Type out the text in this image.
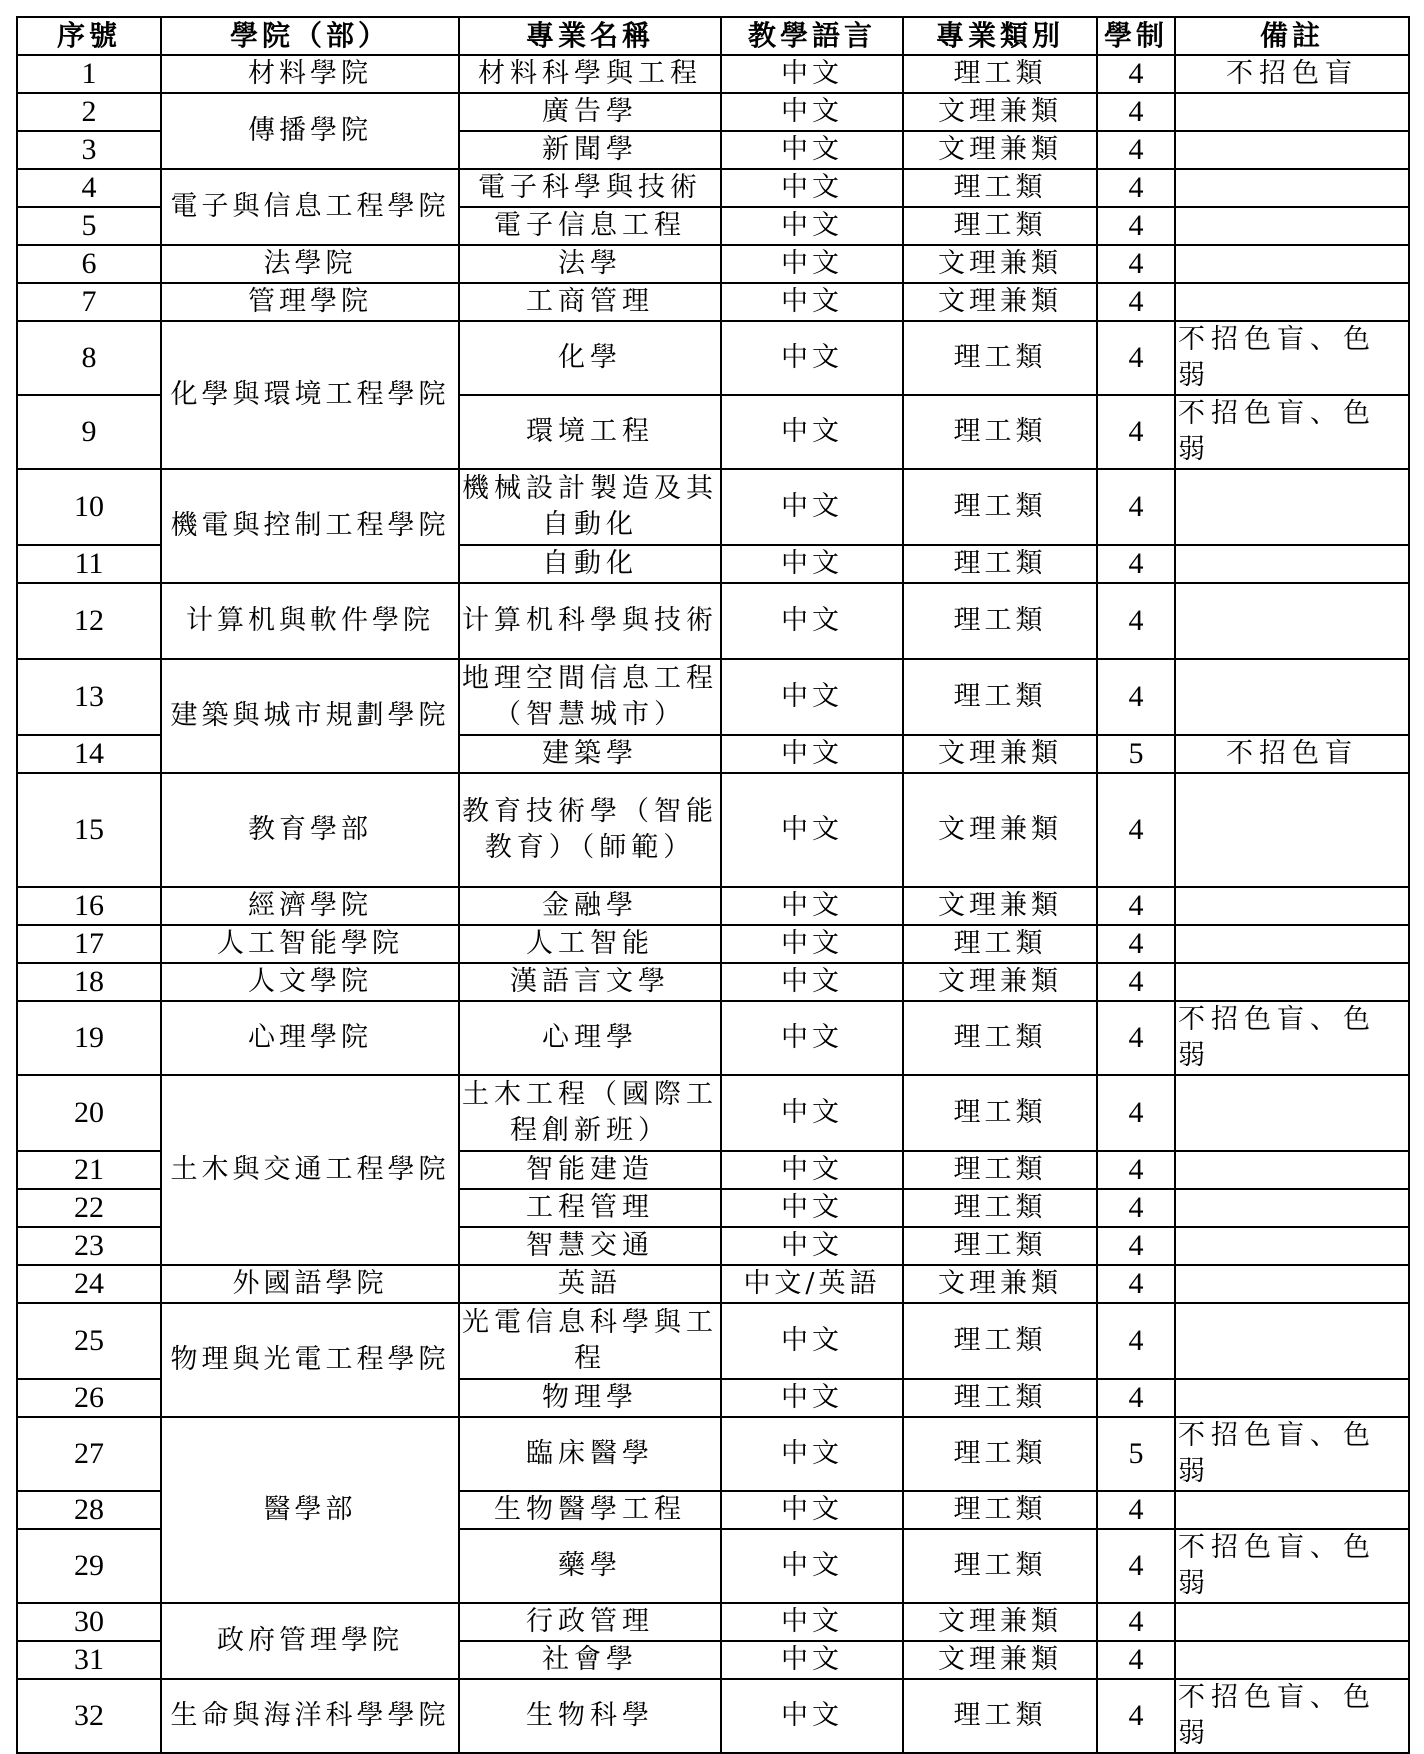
序號	學院（部）	專業名稱	教學語言	專業類別	學制	備註
1	材料學院	材料科學與工程	中文	理工類	4	不招色盲
2	傳播學院	廣告學	中文	文理兼類	4	
3		新聞學	中文	文理兼類	4	
4	電子與信息工程學院	電子科學與技術	中文	理工類	4	
5		電子信息工程	中文	理工類	4	
6	法學院	法學	中文	文理兼類	4	
7	管理學院	工商管理	中文	文理兼類	4	
8	化學與環境工程學院	化學	中文	理工類	4	不招色盲、色弱
9		環境工程	中文	理工類	4	不招色盲、色弱
10	機電與控制工程學院	機械設計製造及其自動化	中文	理工類	4	
11		自動化	中文	理工類	4	
12	计算机與軟件學院	计算机科學與技術	中文	理工類	4	
13	建築與城市規劃學院	地理空間信息工程（智慧城市）	中文	理工類	4	
14		建築學	中文	文理兼類	5	不招色盲
15	教育學部	教育技術學（智能教育）（師範）	中文	文理兼類	4	
16	經濟學院	金融學	中文	文理兼類	4	
17	人工智能學院	人工智能	中文	理工類	4	
18	人文學院	漢語言文學	中文	文理兼類	4	
19	心理學院	心理學	中文	理工類	4	不招色盲、色弱
20	土木與交通工程學院	土木工程（國際工程創新班）	中文	理工類	4	
21		智能建造	中文	理工類	4	
22		工程管理	中文	理工類	4	
23		智慧交通	中文	理工類	4	
24	外國語學院	英語	中文/英語	文理兼類	4	
25	物理與光電工程學院	光電信息科學與工程	中文	理工類	4	
26		物理學	中文	理工類	4	
27	醫學部	臨床醫學	中文	理工類	5	不招色盲、色弱
28		生物醫學工程	中文	理工類	4	
29		藥學	中文	理工類	4	不招色盲、色弱
30	政府管理學院	行政管理	中文	文理兼類	4	
31		社會學	中文	文理兼類	4	
32	生命與海洋科學學院	生物科學	中文	理工類	4	不招色盲、色弱
